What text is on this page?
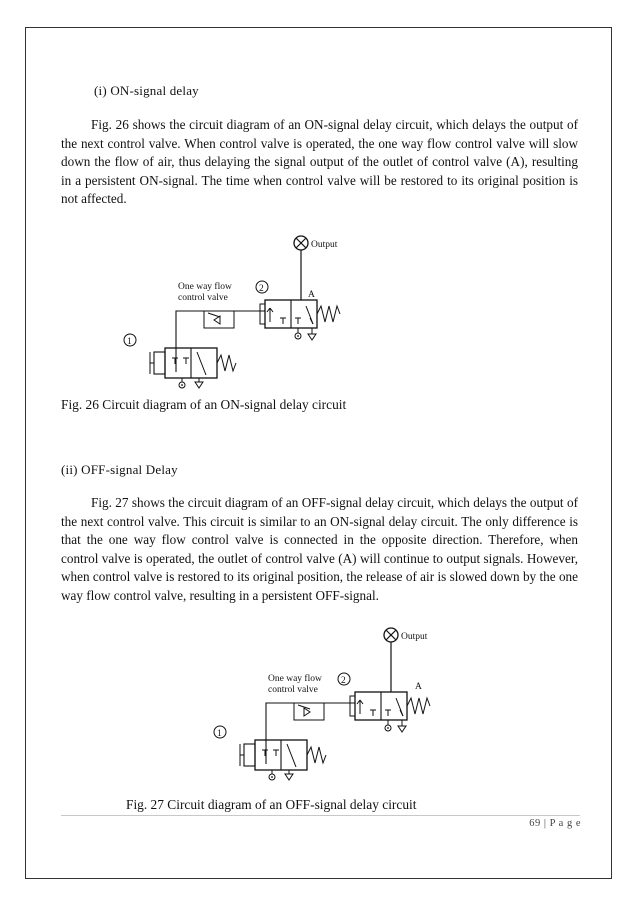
(i) ON-signal delay
Fig. 26 shows the circuit diagram of an ON-signal delay circuit, which delays the output of the next control valve. When control valve is operated, the one way flow control valve will slow down the flow of air, thus delaying the signal output of the outlet of control valve (A), resulting in a persistent ON-signal. The time when control valve will be restored to its original position is not affected.
Output
A
2
One way flow
control valve
1
Fig. 26 Circuit diagram of an ON-signal delay circuit
(ii) OFF-signal Delay
Fig. 27 shows the circuit diagram of an OFF-signal delay circuit, which delays the output of the next control valve. This circuit is similar to an ON-signal delay circuit. The only difference is that the one way flow control valve is connected in the opposite direction. Therefore, when control valve is operated, the outlet of control valve (A) will continue to output signals. However, when control valve is restored to its original position, the release of air is slowed down by the one way flow control valve, resulting in a persistent OFF-signal.
Output
A
2
One way flow
control valve
1
Fig. 27 Circuit diagram of an OFF-signal delay circuit
69 | P a g e
